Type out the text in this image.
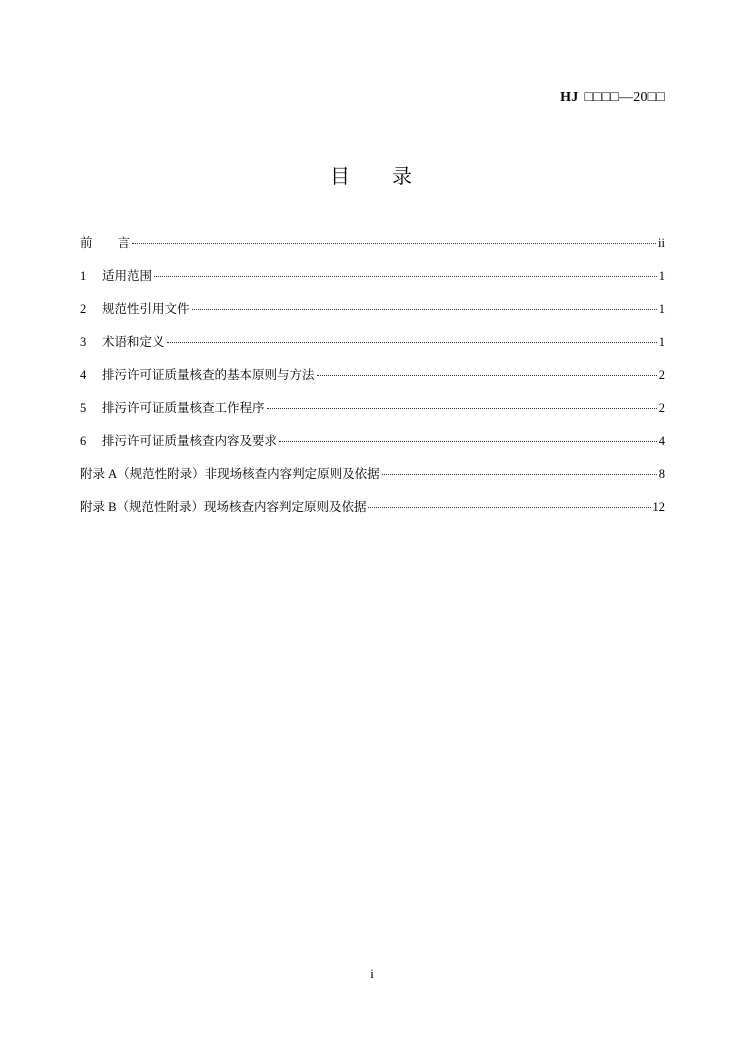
HJ □□□□—20□□
目 录
前　　言	ii
1	适用范围	1
2	规范性引用文件	1
3	术语和定义	1
4	排污许可证质量核查的基本原则与方法	2
5	排污许可证质量核查工作程序	2
6	排污许可证质量核查内容及要求	4
附录 A（规范性附录）非现场核查内容判定原则及依据	8
附录 B（规范性附录）现场核查内容判定原则及依据	12
i
